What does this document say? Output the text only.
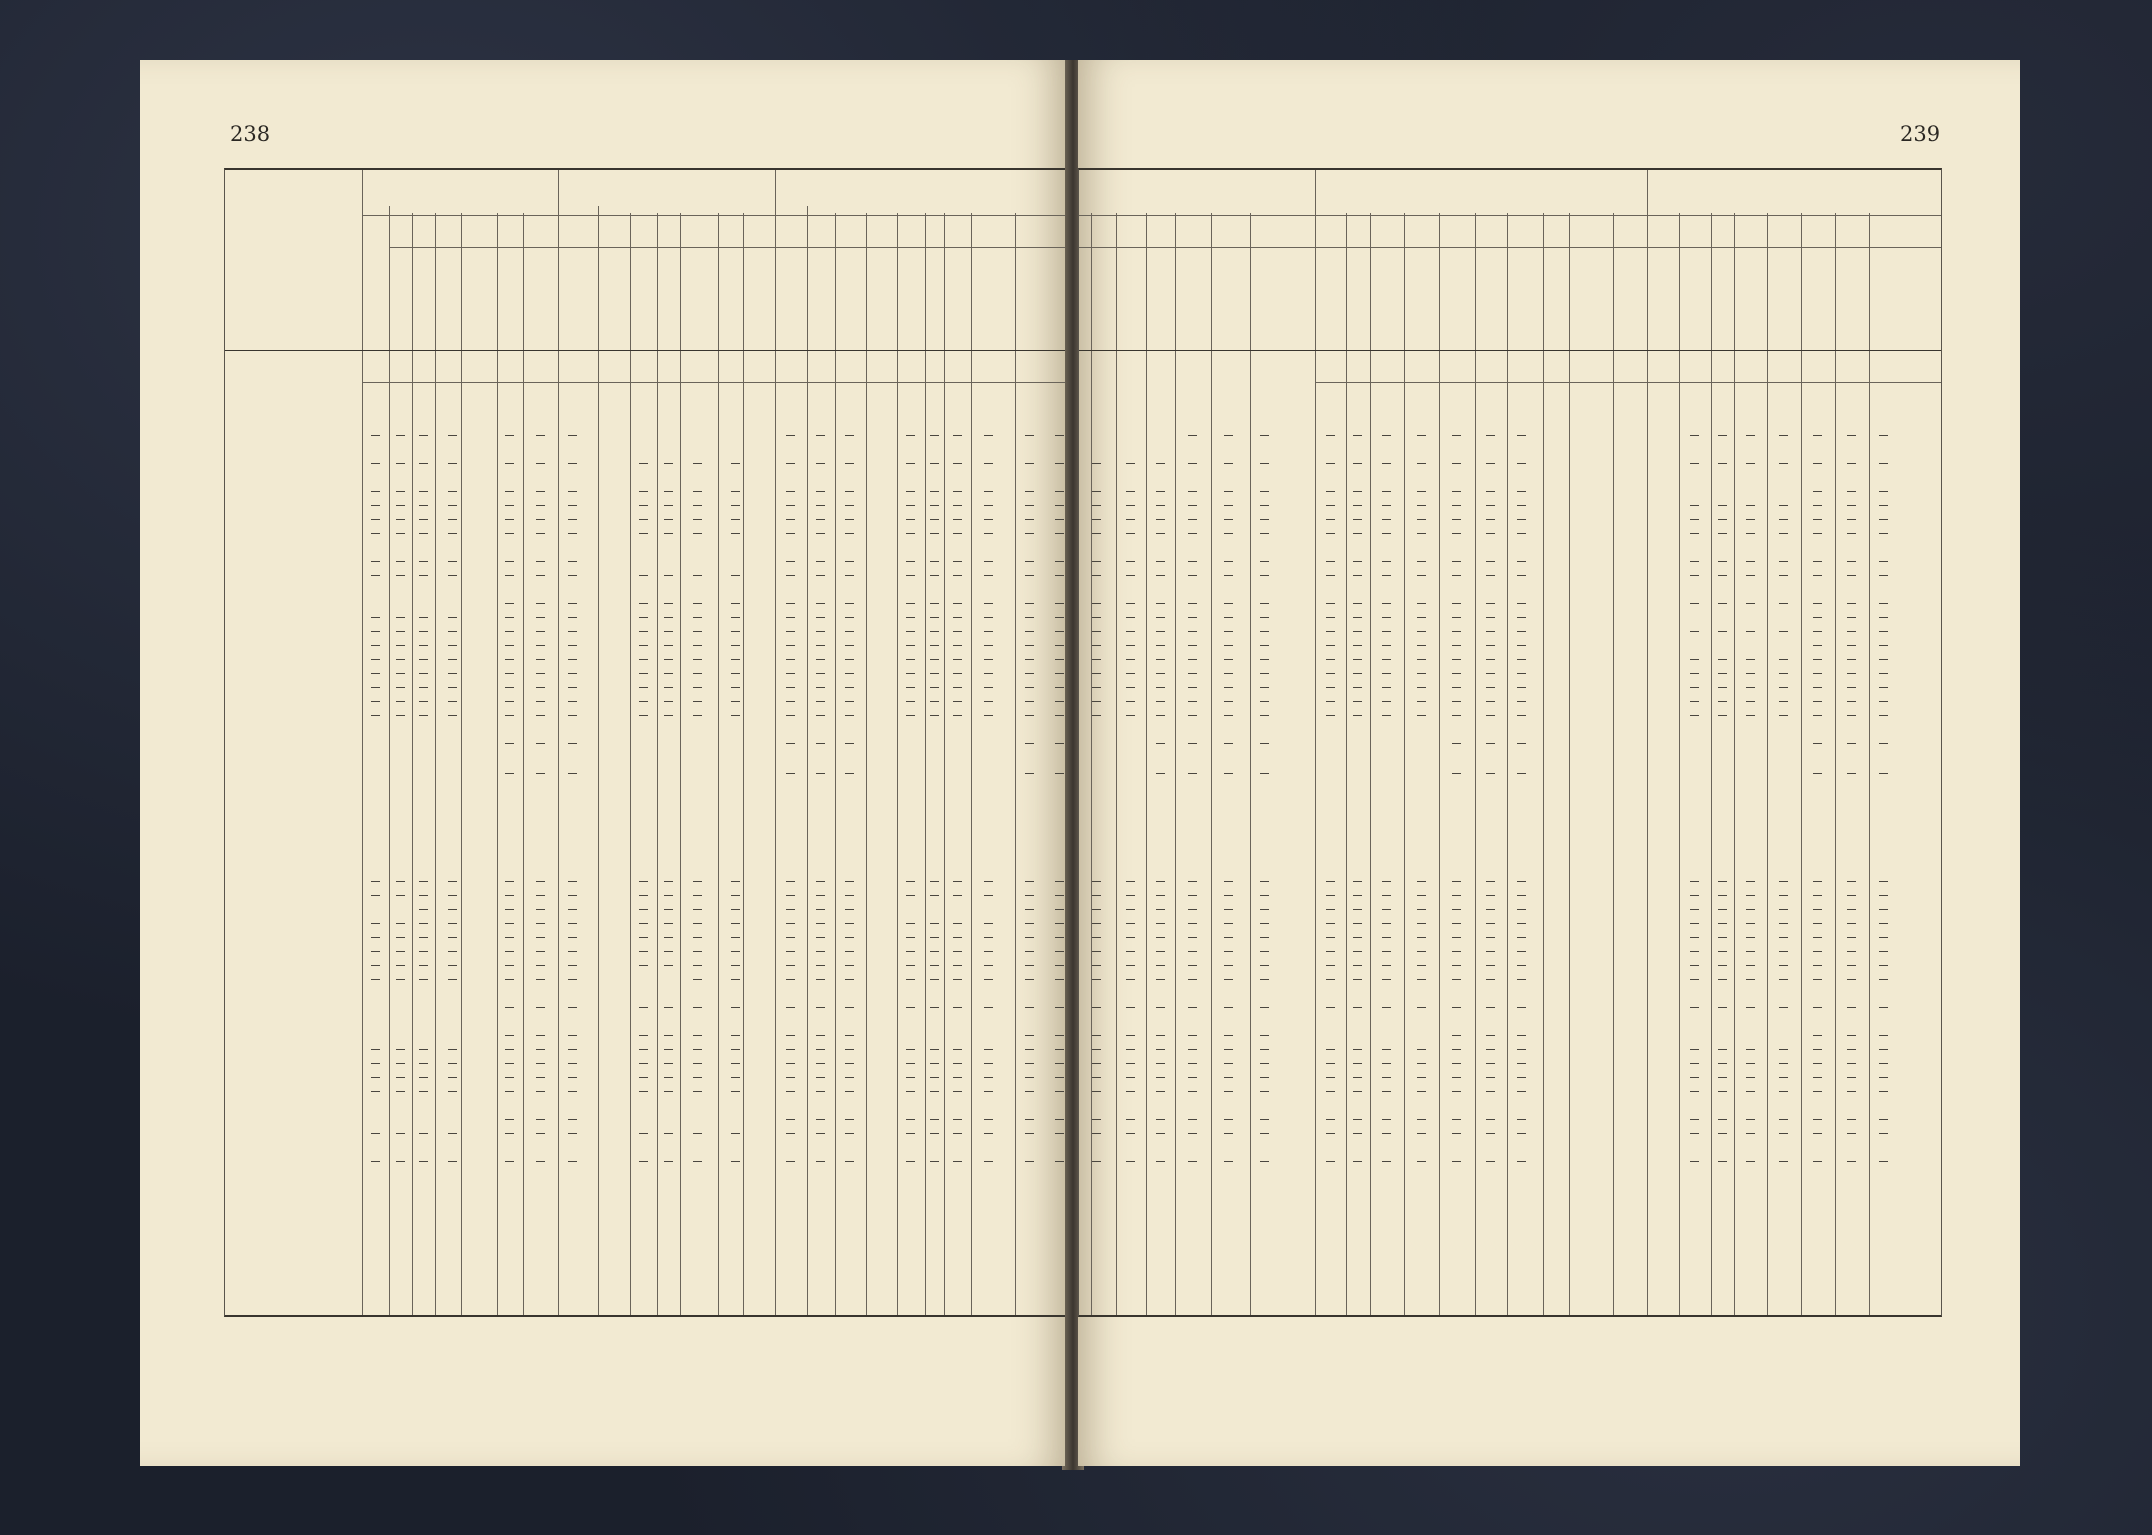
238	239
